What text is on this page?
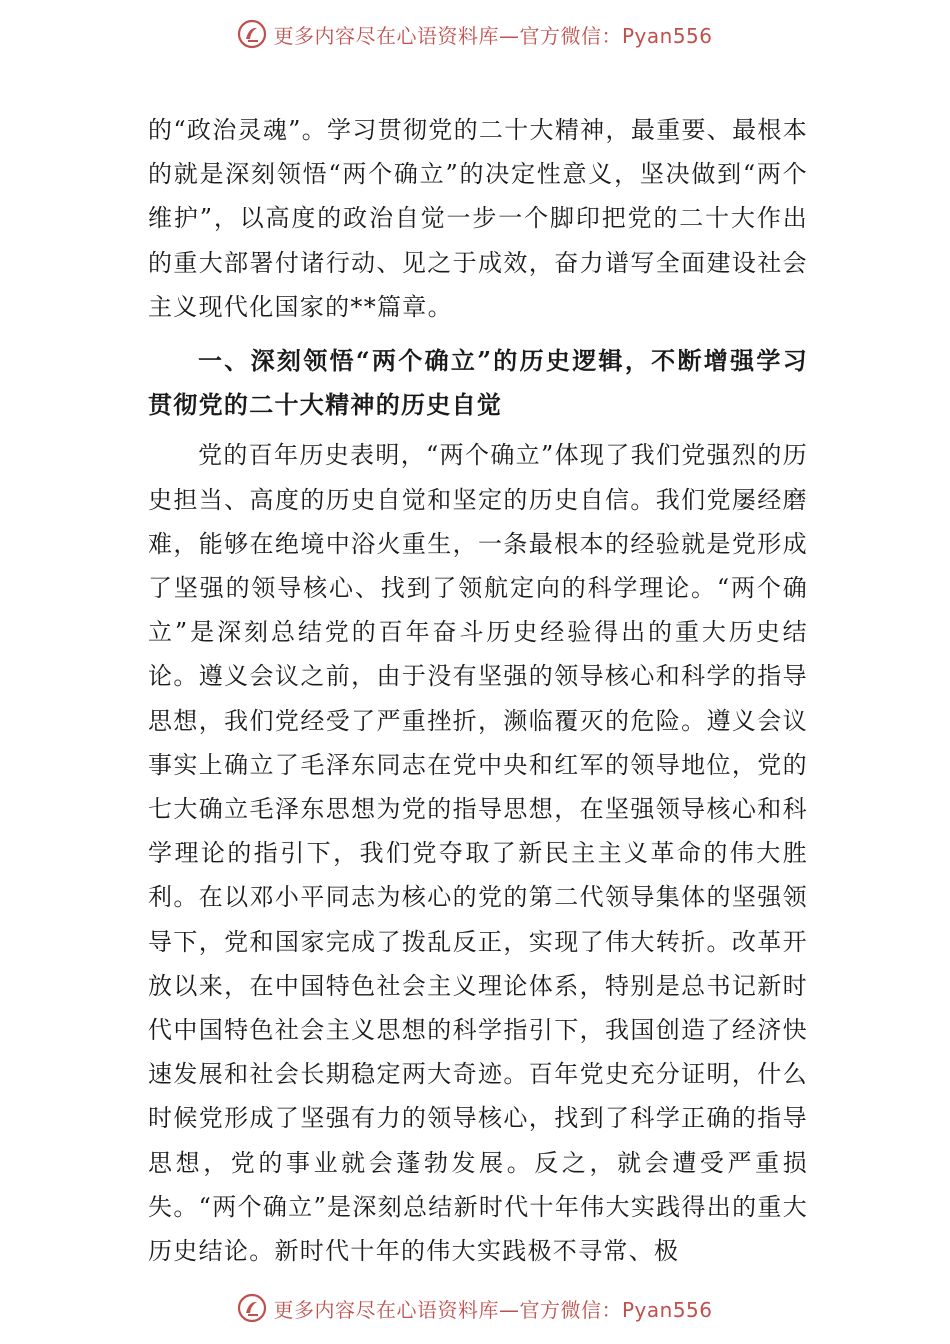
更多内容尽在心语资料库—官方微信：Pyan556

的“政治灵魂”。学习贯彻党的二十大精神，最重要、最根本的就是深刻领悟“两个确立”的决定性意义，坚决做到“两个维护”，以高度的政治自觉一步一个脚印把党的二十大作出的重大部署付诸行动、见之于成效，奋力谱写全面建设社会主义现代化国家的**篇章。

一、深刻领悟“两个确立”的历史逻辑，不断增强学习贯彻党的二十大精神的历史自觉

党的百年历史表明，“两个确立”体现了我们党强烈的历史担当、高度的历史自觉和坚定的历史自信。我们党屡经磨难，能够在绝境中浴火重生，一条最根本的经验就是党形成了坚强的领导核心、找到了领航定向的科学理论。“两个确立”是深刻总结党的百年奋斗历史经验得出的重大历史结论。遵义会议之前，由于没有坚强的领导核心和科学的指导思想，我们党经受了严重挫折，濒临覆灭的危险。遵义会议事实上确立了毛泽东同志在党中央和红军的领导地位，党的七大确立毛泽东思想为党的指导思想，在坚强领导核心和科学理论的指引下，我们党夺取了新民主主义革命的伟大胜利。在以邓小平同志为核心的党的第二代领导集体的坚强领导下，党和国家完成了拨乱反正，实现了伟大转折。改革开放以来，在中国特色社会主义理论体系，特别是总书记新时代中国特色社会主义思想的科学指引下，我国创造了经济快速发展和社会长期稳定两大奇迹。百年党史充分证明，什么时候党形成了坚强有力的领导核心，找到了科学正确的指导思想，党的事业就会蓬勃发展。反之，就会遭受严重损失。“两个确立”是深刻总结新时代十年伟大实践得出的重大历史结论。新时代十年的伟大实践极不寻常、极

更多内容尽在心语资料库—官方微信：Pyan556
